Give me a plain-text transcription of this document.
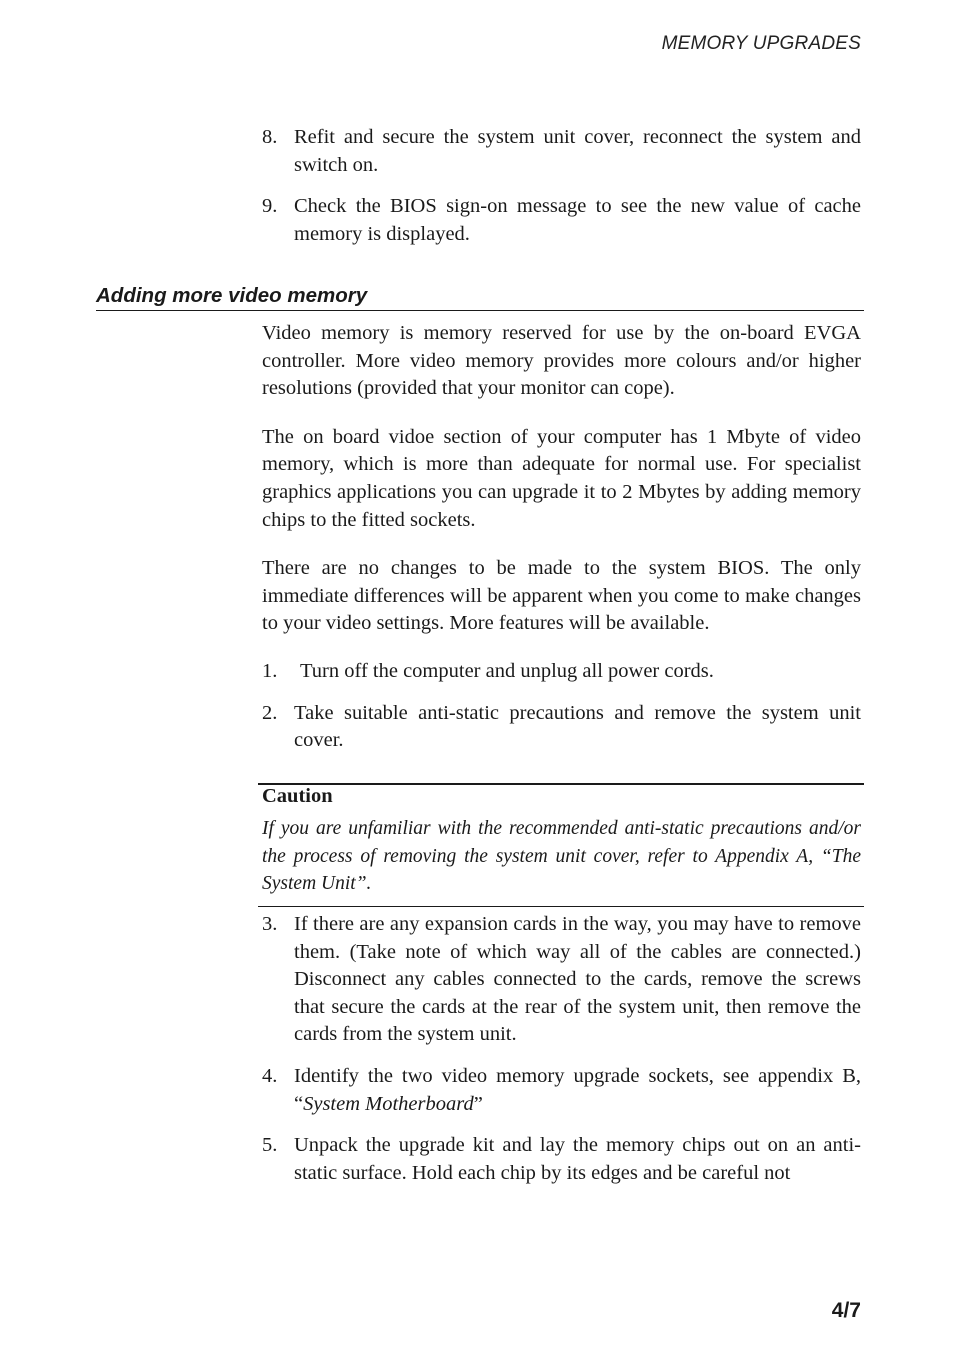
MEMORY UPGRADES
8. Refit and secure the system unit cover, reconnect the system and switch on.
9. Check the BIOS sign-on message to see the new value of cache memory is displayed.
Adding more video memory

Video memory is memory reserved for use by the on-board EVGA controller. More video memory provides more colours and/or higher resolutions (provided that your monitor can cope).

The on board vidoe section of your computer has 1 Mbyte of video memory, which is more than adequate for normal use. For specialist graphics applications you can upgrade it to 2 Mbytes by adding memory chips to the fitted sockets.

There are no changes to be made to the system BIOS. The only immediate differences will be apparent when you come to make changes to your video settings. More features will be available.

1. Turn off the computer and unplug all power cords.
2. Take suitable anti-static precautions and remove the system unit cover.
Caution
If you are unfamiliar with the recommended anti-static precautions and/or the process of removing the system unit cover, refer to Appendix A, “The System Unit”.
3. If there are any expansion cards in the way, you may have to remove them. (Take note of which way all of the cables are connected.) Disconnect any cables connected to the cards, remove the screws that secure the cards at the rear of the system unit, then remove the cards from the system unit.
4. Identify the two video memory upgrade sockets, see appendix B, “System Motherboard”
5. Unpack the upgrade kit and lay the memory chips out on an anti-static surface. Hold each chip by its edges and be careful not
4/7
